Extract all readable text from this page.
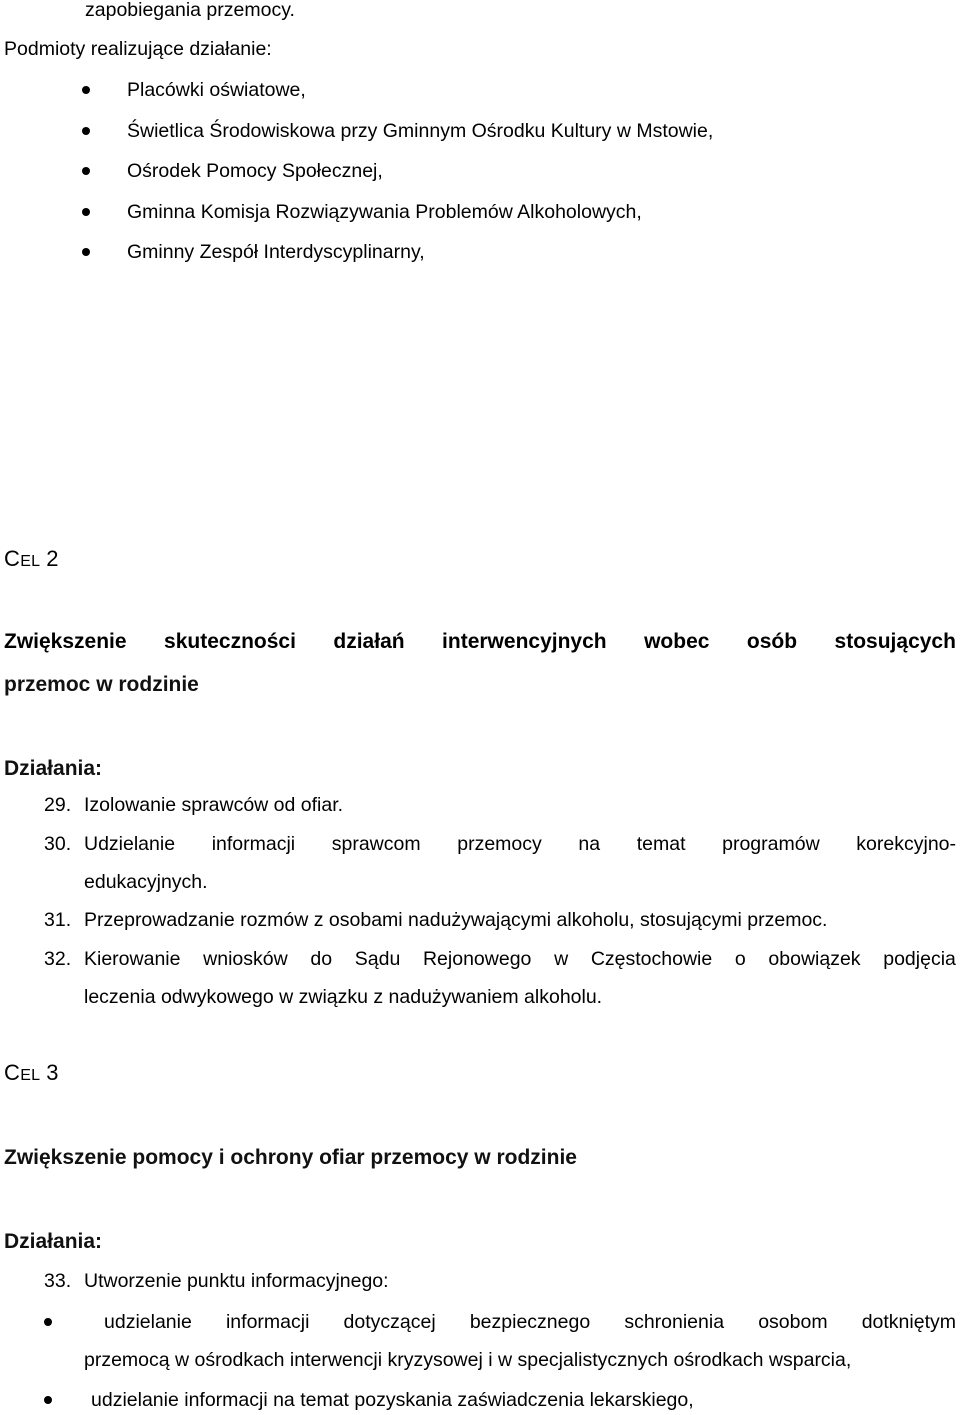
zapobiegania przemocy.
Podmioty realizujące działanie:
Placówki oświatowe,
Świetlica Środowiskowa przy Gminnym Ośrodku Kultury w Mstowie,
Ośrodek Pomocy Społecznej,
Gminna Komisja Rozwiązywania Problemów Alkoholowych,
Gminny Zespół Interdyscyplinarny,
CEL 2
Zwiększenie skuteczności działań interwencyjnych wobec osób stosujących
przemoc w rodzinie
Działania:
29. Izolowanie sprawców od ofiar.
30. Udzielanie informacji sprawcom przemocy na temat programów korekcyjno-
edukacyjnych.
31. Przeprowadzanie rozmów z osobami nadużywającymi alkoholu, stosującymi przemoc.
32. Kierowanie wniosków do Sądu Rejonowego w Częstochowie o obowiązek podjęcia
leczenia odwykowego w związku z nadużywaniem alkoholu.
CEL 3
Zwiększenie pomocy i ochrony ofiar przemocy w rodzinie
Działania:
33. Utworzenie punktu informacyjnego:
udzielanie informacji dotyczącej bezpiecznego schronienia osobom dotkniętym
przemocą w ośrodkach interwencji kryzysowej i w specjalistycznych ośrodkach wsparcia,
udzielanie informacji na temat pozyskania zaświadczenia lekarskiego,
